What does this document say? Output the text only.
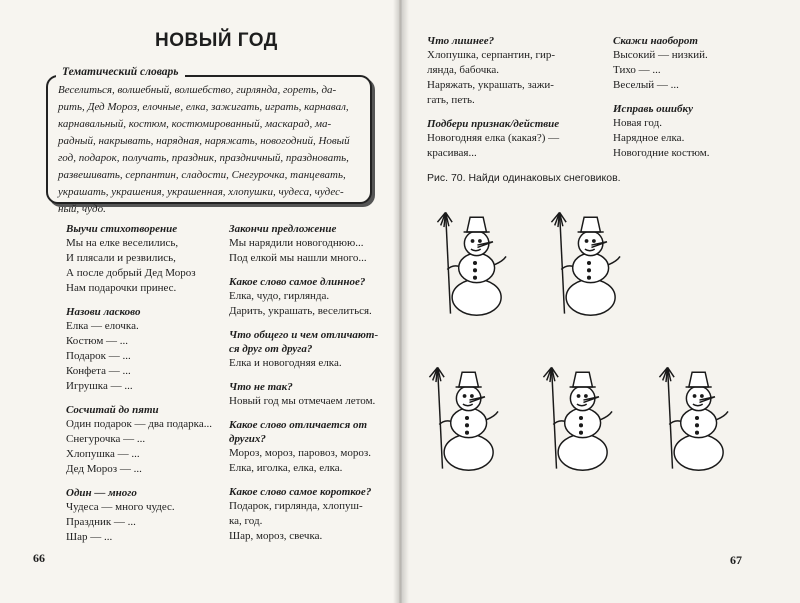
НОВЫЙ ГОД
Тематический словарь
Веселиться, волшебный, волшебство, гирлянда, гореть, да-
рить, Дед Мороз, елочные, елка, зажигать, играть, карнавал,
карнавальный, костюм, костюмированный, маскарад, ма-
радный, накрывать, нарядная, наряжать, новогодний, Новый
год, подарок, получать, праздник, праздничный, праздновать,
развешивать, серпантин, сладости, Снегурочка, танцевать,
украшать, украшения, украшенная, хлопушки, чудеса, чудес-
ный, чудо.

Выучи стихотворение

Мы на елке веселились,

И плясали и резвились,

А после добрый Дед Мороз

Нам подарочки принес.

Назови ласково

Елка — елочка.

Костюм — ...

Подарок — ...

Конфета — ...

Игрушка — ...

Сосчитай до пяти

Один подарок — два подарка...

Снегурочка — ...

Хлопушка — ...

Дед Мороз — ...

Один — много

Чудеса — много чудес.

Праздник — ...

Шар — ...

Закончи предложение

Мы нарядили новогоднюю...

Под елкой мы нашли много...

Какое слово самое длинное?

Елка, чудо, гирлянда.

Дарить, украшать, веселиться.

Что общего и чем отличают-

ся друг от друга?

Елка и новогодняя елка.

Что не так?

Новый год мы отмечаем летом.

Какое слово отличается от

других?

Мороз, мороз, паровоз, мороз.

Елка, иголка, елка, елка.

Какое слово самое короткое?

Подарок, гирлянда, хлопуш-

ка, год.

Шар, мороз, свечка.

66

Что лишнее?

Хлопушка, серпантин, гир-

лянда, бабочка.

Наряжать, украшать, зажи-

гать, петь.

Подбери признак/действие

Новогодняя елка (какая?) —

красивая...

Скажи наоборот

Высокий — низкий.

Тихо — ...

Веселый — ...

Исправь ошибку

Новая год.

Нарядное елка.

Новогодние костюм.

Рис. 70. Найди одинаковых снеговиков.
67
